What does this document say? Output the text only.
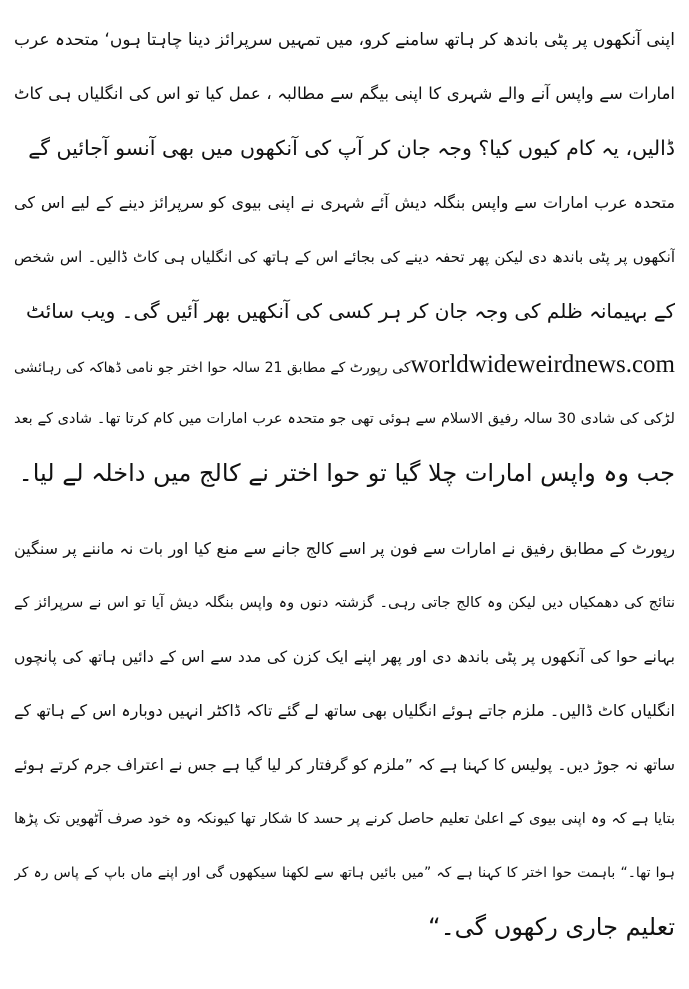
اپنی آنکھوں پر پٹی باندھ کر ہاتھ سامنے کرو، میں تمہیں سرپرائز دینا چاہتا ہوں‘ متحدہ عرب
امارات سے واپس آنے والے شہری کا اپنی بیگم سے مطالبہ ، عمل کیا تو اس کی انگلیاں ہی کاٹ
ڈالیں، یہ کام کیوں کیا؟ وجہ جان کر آپ کی آنکھوں میں بھی آنسو آجائیں گے
متحدہ عرب امارات سے واپس بنگلہ دیش آئے شہری نے اپنی بیوی کو سرپرائز دینے کے لیے اس کی
آنکھوں پر پٹی باندھ دی لیکن پھر تحفہ دینے کی بجائے اس کے ہاتھ کی انگلیاں ہی کاٹ ڈالیں۔ اس شخص
کے بہیمانہ ظلم کی وجہ جان کر ہر کسی کی آنکھیں بھر آئیں گی۔ ویب سائٹ
worldwideweirdnews.comکی رپورٹ کے مطابق 21 سالہ حوا اختر جو نامی ڈھاکہ کی رہائشی
لڑکی کی شادی 30 سالہ رفیق الاسلام سے ہوئی تھی جو متحدہ عرب امارات میں کام کرتا تھا۔ شادی کے بعد
جب وہ واپس امارات چلا گیا تو حوا اختر نے کالج میں داخلہ لے لیا۔
رپورٹ کے مطابق رفیق نے امارات سے فون پر اسے کالج جانے سے منع کیا اور بات نہ ماننے پر سنگین
نتائج کی دھمکیاں دیں لیکن وہ کالج جاتی رہی۔ گزشتہ دنوں وہ واپس بنگلہ دیش آیا تو اس نے سرپرائز کے
بہانے حوا کی آنکھوں پر پٹی باندھ دی اور پھر اپنے ایک کزن کی مدد سے اس کے دائیں ہاتھ کی پانچوں
انگلیاں کاٹ ڈالیں۔ ملزم جاتے ہوئے انگلیاں بھی ساتھ لے گئے تاکہ ڈاکٹر انہیں دوبارہ اس کے ہاتھ کے
ساتھ نہ جوڑ دیں۔ پولیس کا کہنا ہے کہ ”ملزم کو گرفتار کر لیا گیا ہے جس نے اعتراف جرم کرتے ہوئے
بتایا ہے کہ وہ اپنی بیوی کے اعلیٰ تعلیم حاصل کرنے پر حسد کا شکار تھا کیونکہ وہ خود صرف آٹھویں تک پڑھا
ہوا تھا۔“ باہمت حوا اختر کا کہنا ہے کہ ”میں بائیں ہاتھ سے لکھنا سیکھوں گی اور اپنے ماں باپ کے پاس رہ کر
تعلیم جاری رکھوں گی۔“
